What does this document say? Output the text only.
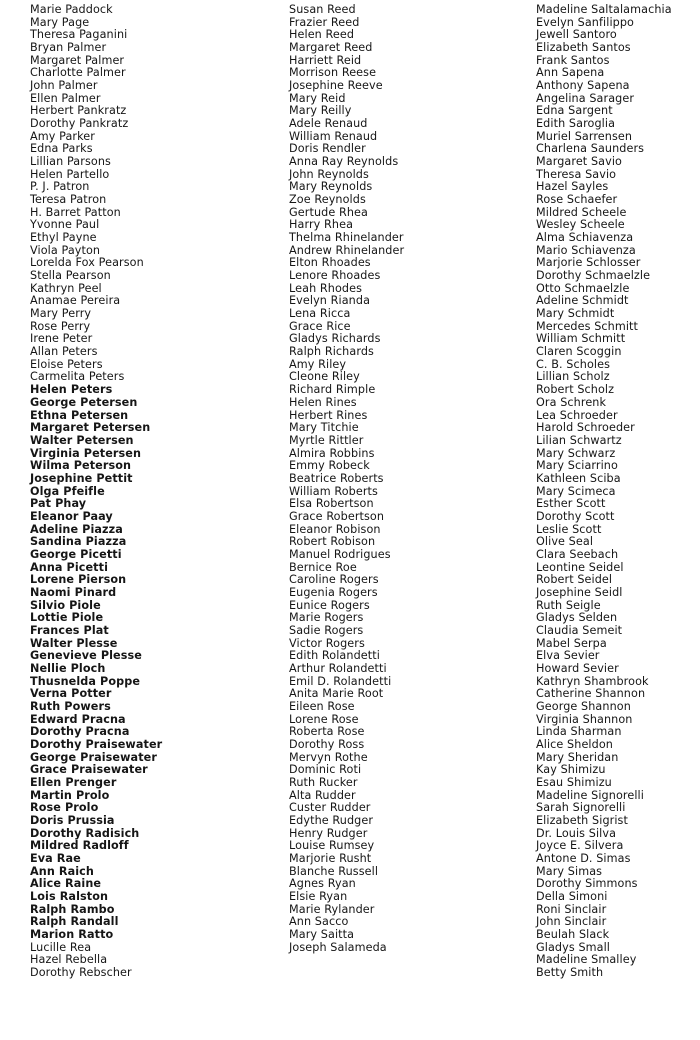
Marie Paddock
Mary Page
Theresa Paganini
Bryan Palmer
Margaret Palmer
Charlotte Palmer
John Palmer
Ellen Palmer
Herbert Pankratz
Dorothy Pankratz
Amy Parker
Edna Parks
Lillian Parsons
Helen Partello
P. J. Patron
Teresa Patron
H. Barret Patton
Yvonne Paul
Ethyl Payne
Viola Payton
Lorelda Fox Pearson
Stella Pearson
Kathryn Peel
Anamae Pereira
Mary Perry
Rose Perry
Irene Peter
Allan Peters
Eloise Peters
Carmelita Peters
Helen Peters
George Petersen
Ethna Petersen
Margaret Petersen
Walter Petersen
Virginia Petersen
Wilma Peterson
Josephine Pettit
Olga Pfeifle
Pat Phay
Eleanor Paay
Adeline Piazza
Sandina Piazza
George Picetti
Anna Picetti
Lorene Pierson
Naomi Pinard
Silvio Piole
Lottie Piole
Frances Plat
Walter Plesse
Genevieve Plesse
Nellie Ploch
Thusnelda Poppe
Verna Potter
Ruth Powers
Edward Pracna
Dorothy Pracna
Dorothy Praisewater
George Praisewater
Grace Praisewater
Ellen Prenger
Martin Prolo
Rose Prolo
Doris Prussia
Dorothy Radisich
Mildred Radloff
Eva Rae
Ann Raich
Alice Raine
Lois Ralston
Ralph Rambo
Ralph Randall
Marion Ratto
Lucille Rea
Hazel Rebella
Dorothy Rebscher
Susan Reed
Frazier Reed
Helen Reed
Margaret Reed
Harriett Reid
Morrison Reese
Josephine Reeve
Mary Reid
Mary Reilly
Adele Renaud
William Renaud
Doris Rendler
Anna Ray Reynolds
John Reynolds
Mary Reynolds
Zoe Reynolds
Gertude Rhea
Harry Rhea
Thelma Rhinelander
Andrew Rhinelander
Elton Rhoades
Lenore Rhoades
Leah Rhodes
Evelyn Rianda
Lena Ricca
Grace Rice
Gladys Richards
Ralph Richards
Amy Riley
Cleone Riley
Richard Rimple
Helen Rines
Herbert Rines
Mary Titchie
Myrtle Rittler
Almira Robbins
Emmy Robeck
Beatrice Roberts
William Roberts
Elsa Robertson
Grace Robertson
Eleanor Robison
Robert Robison
Manuel Rodrigues
Bernice Roe
Caroline Rogers
Eugenia Rogers
Eunice Rogers
Marie Rogers
Sadie Rogers
Victor Rogers
Edith Rolandetti
Arthur Rolandetti
Emil D. Rolandetti
Anita Marie Root
Eileen Rose
Lorene Rose
Roberta Rose
Dorothy Ross
Mervyn Rothe
Dominic Roti
Ruth Rucker
Alta Rudder
Custer Rudder
Edythe Rudger
Henry Rudger
Louise Rumsey
Marjorie Rusht
Blanche Russell
Agnes Ryan
Elsie Ryan
Marie Rylander
Ann Sacco
Mary Saitta
Joseph Salameda
Madeline Saltalamachia
Evelyn Sanfilippo
Jewell Santoro
Elizabeth Santos
Frank Santos
Ann Sapena
Anthony Sapena
Angelina Sarager
Edna Sargent
Edith Saroglia
Muriel Sarrensen
Charlena Saunders
Margaret Savio
Theresa Savio
Hazel Sayles
Rose Schaefer
Mildred Scheele
Wesley Scheele
Alma Schiavenza
Mario Schiavenza
Marjorie Schlosser
Dorothy Schmaelzle
Otto Schmaelzle
Adeline Schmidt
Mary Schmidt
Mercedes Schmitt
William Schmitt
Claren Scoggin
C. B. Scholes
Lillian Scholz
Robert Scholz
Ora Schrenk
Lea Schroeder
Harold Schroeder
Lilian Schwartz
Mary Schwarz
Mary Sciarrino
Kathleen Sciba
Mary Scimeca
Esther Scott
Dorothy Scott
Leslie Scott
Olive Seal
Clara Seebach
Leontine Seidel
Robert Seidel
Josephine Seidl
Ruth Seigle
Gladys Selden
Claudia Semeit
Mabel Serpa
Elva Sevier
Howard Sevier
Kathryn Shambrook
Catherine Shannon
George Shannon
Virginia Shannon
Linda Sharman
Alice Sheldon
Mary Sheridan
Kay Shimizu
Esau Shimizu
Madeline Signorelli
Sarah Signorelli
Elizabeth Sigrist
Dr. Louis Silva
Joyce E. Silvera
Antone D. Simas
Mary Simas
Dorothy Simmons
Della Simoni
Roni Sinclair
John Sinclair
Beulah Slack
Gladys Small
Madeline Smalley
Betty Smith
